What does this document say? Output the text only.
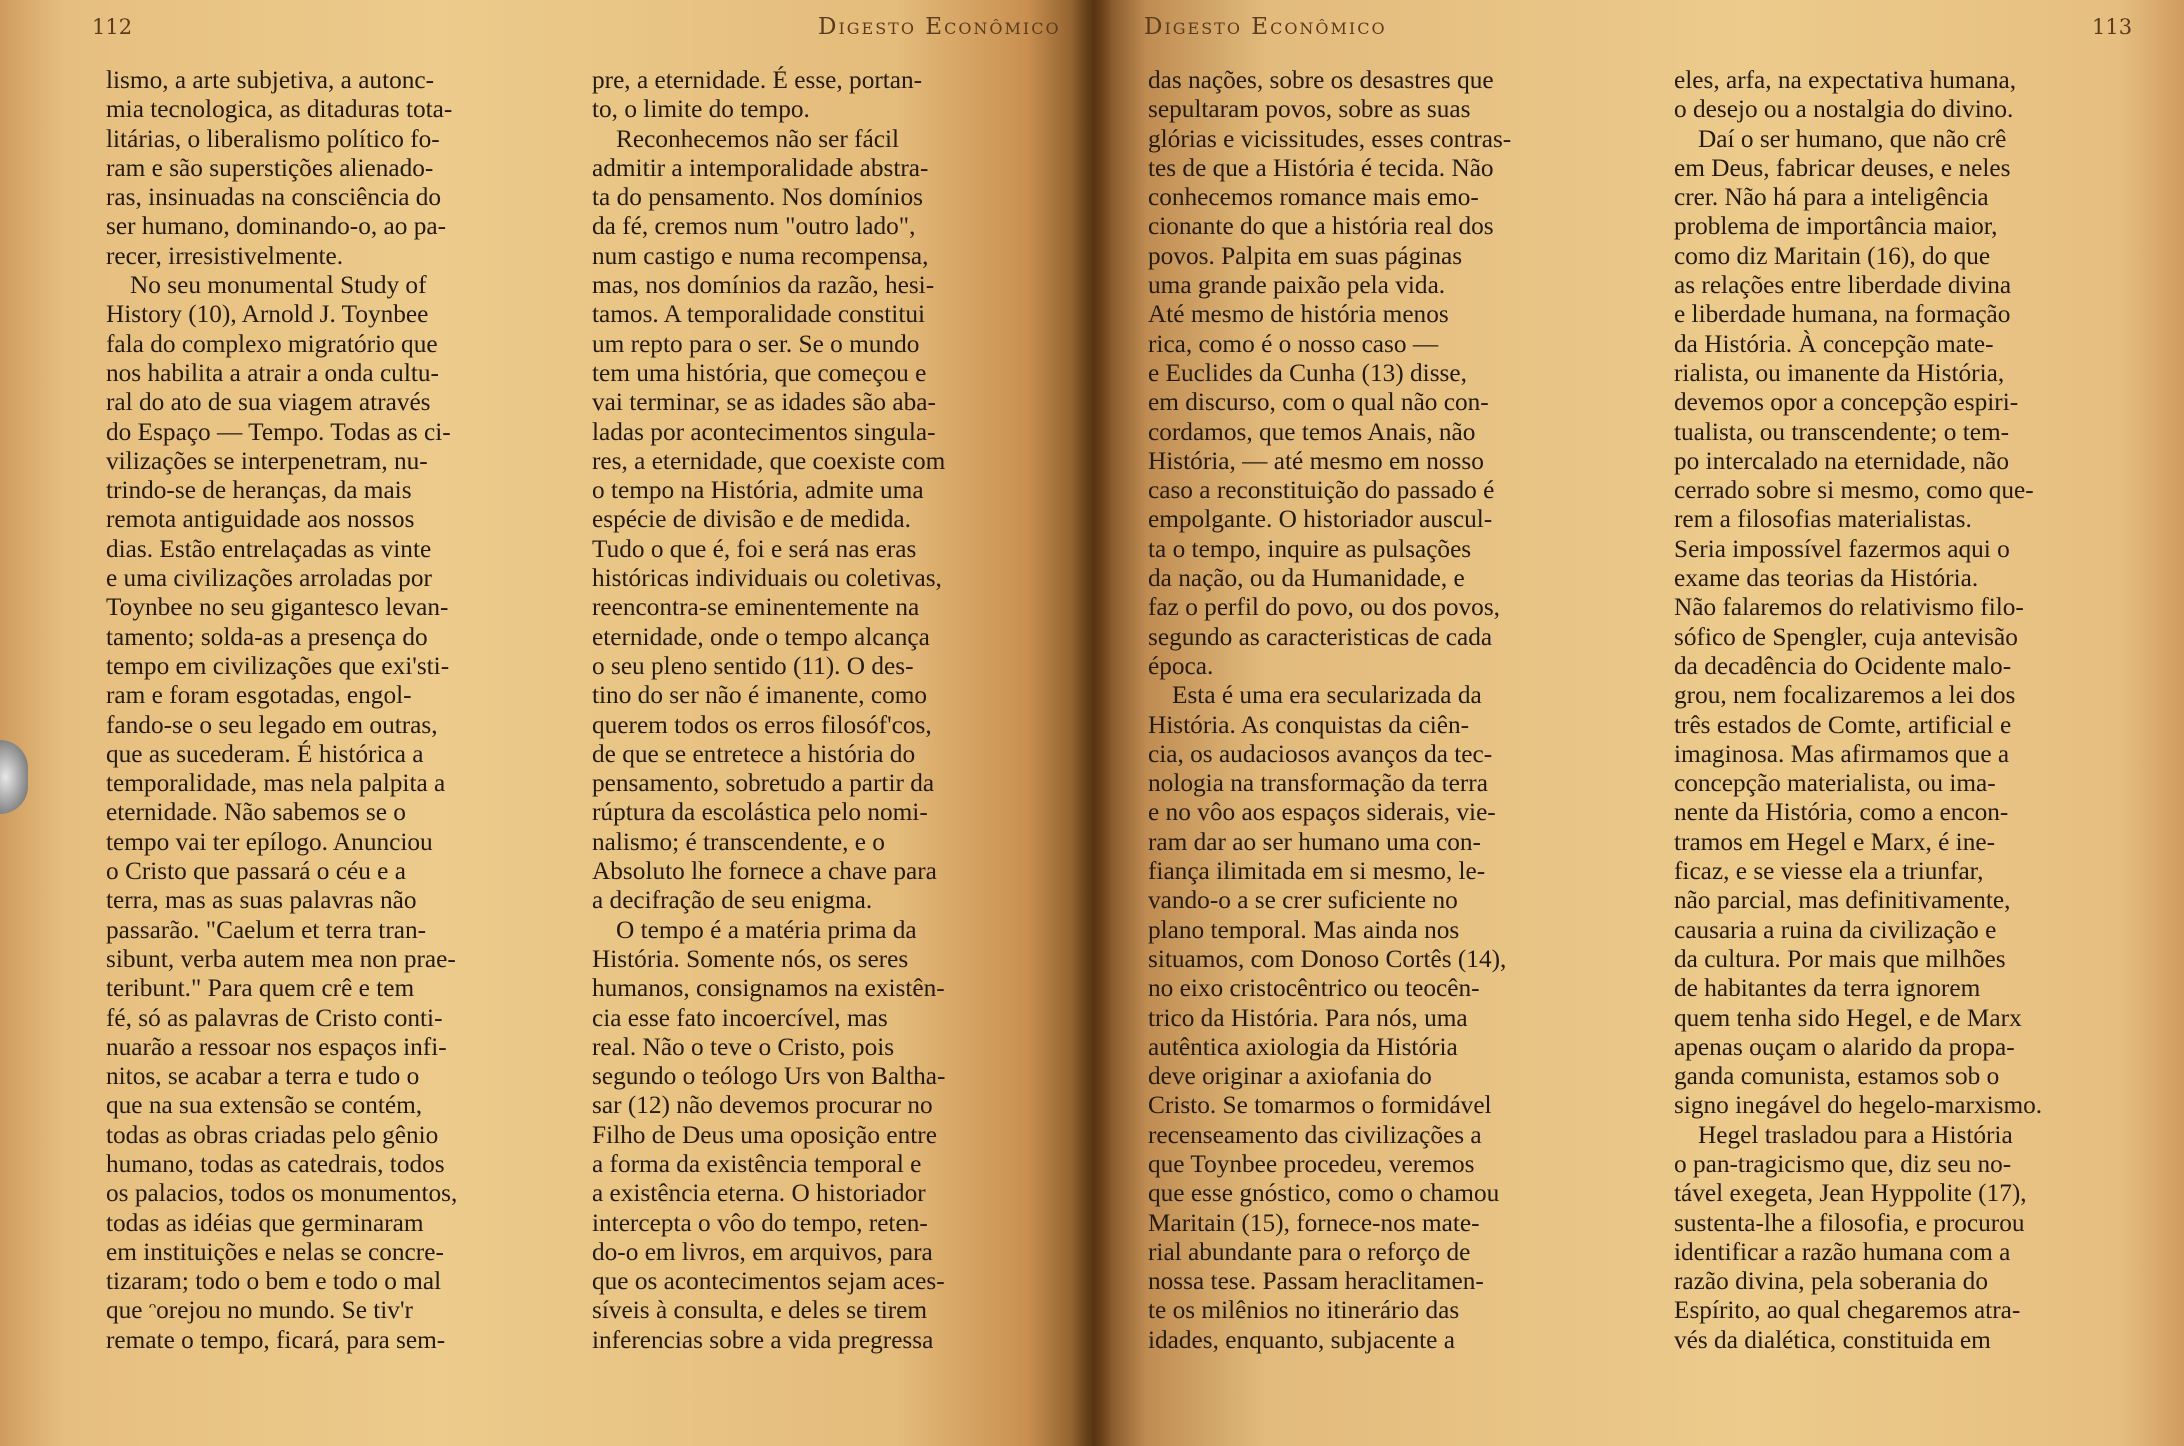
112	Digesto Econômico
lismo, a arte subjetiva, a autonc-
mia tecnologica, as ditaduras tota-
litárias, o liberalismo político fo-
ram e são superstições alienado-
ras, insinuadas na consciência do
ser humano, dominando-o, ao pa-
recer, irresistivelmente.
No seu monumental Study of
History (10), Arnold J. Toynbee
fala do complexo migratório que
nos habilita a atrair a onda cultu-
ral do ato de sua viagem através
do Espaço — Tempo. Todas as ci-
vilizações se interpenetram, nu-
trindo-se de heranças, da mais
remota antiguidade aos nossos
dias. Estão entrelaçadas as vinte
e uma civilizações arroladas por
Toynbee no seu gigantesco levan-
tamento; solda-as a presença do
tempo em civilizações que exi'sti-
ram e foram esgotadas, engol-
fando-se o seu legado em outras,
que as sucederam. É histórica a
temporalidade, mas nela palpita a
eternidade. Não sabemos se o
tempo vai ter epílogo. Anunciou
o Cristo que passará o céu e a
terra, mas as suas palavras não
passarão. "Caelum et terra tran-
sibunt, verba autem mea non prae-
teribunt." Para quem crê e tem
fé, só as palavras de Cristo conti-
nuarão a ressoar nos espaços infi-
nitos, se acabar a terra e tudo o
que na sua extensão se contém,
todas as obras criadas pelo gênio
humano, todas as catedrais, todos
os palacios, todos os monumentos,
todas as idéias que germinaram
em instituições e nelas se concre-
tizaram; todo o bem e todo o mal
que ᵔorejou no mundo. Se tiv'r
remate o tempo, ficará, para sem-
pre, a eternidade. É esse, portan-
to, o limite do tempo.
Reconhecemos não ser fácil
admitir a intemporalidade abstra-
ta do pensamento. Nos domínios
da fé, cremos num "outro lado",
num castigo e numa recompensa,
mas, nos domínios da razão, hesi-
tamos. A temporalidade constitui
um repto para o ser. Se o mundo
tem uma história, que começou e
vai terminar, se as idades são aba-
ladas por acontecimentos singula-
res, a eternidade, que coexiste com
o tempo na História, admite uma
espécie de divisão e de medida.
Tudo o que é, foi e será nas eras
históricas individuais ou coletivas,
reencontra-se eminentemente na
eternidade, onde o tempo alcança
o seu pleno sentido (11). O des-
tino do ser não é imanente, como
querem todos os erros filosóf'cos,
de que se entretece a história do
pensamento, sobretudo a partir da
rúptura da escolástica pelo nomi-
nalismo; é transcendente, e o
Absoluto lhe fornece a chave para
a decifração de seu enigma.
O tempo é a matéria prima da
História. Somente nós, os seres
humanos, consignamos na existên-
cia esse fato incoercível, mas
real. Não o teve o Cristo, pois
segundo o teólogo Urs von Baltha-
sar (12) não devemos procurar no
Filho de Deus uma oposição entre
a forma da existência temporal e
a existência eterna. O historiador
intercepta o vôo do tempo, reten-
do-o em livros, em arquivos, para
que os acontecimentos sejam aces-
síveis à consulta, e deles se tirem
inferencias sobre a vida pregressa
Digesto Econômico	113
das nações, sobre os desastres que
sepultaram povos, sobre as suas
glórias e vicissitudes, esses contras-
tes de que a História é tecida. Não
conhecemos romance mais emo-
cionante do que a história real dos
povos. Palpita em suas páginas
uma grande paixão pela vida.
Até mesmo de história menos
rica, como é o nosso caso —
e Euclides da Cunha (13) disse,
em discurso, com o qual não con-
cordamos, que temos Anais, não
História, — até mesmo em nosso
caso a reconstituição do passado é
empolgante. O historiador auscul-
ta o tempo, inquire as pulsações
da nação, ou da Humanidade, e
faz o perfil do povo, ou dos povos,
segundo as caracteristicas de cada
época.
Esta é uma era secularizada da
História. As conquistas da ciên-
cia, os audaciosos avanços da tec-
nologia na transformação da terra
e no vôo aos espaços siderais, vie-
ram dar ao ser humano uma con-
fiança ilimitada em si mesmo, le-
vando-o a se crer suficiente no
plano temporal. Mas ainda nos
situamos, com Donoso Cortês (14),
no eixo cristocêntrico ou teocên-
trico da História. Para nós, uma
autêntica axiologia da História
deve originar a axiofania do
Cristo. Se tomarmos o formidável
recenseamento das civilizações a
que Toynbee procedeu, veremos
que esse gnóstico, como o chamou
Maritain (15), fornece-nos mate-
rial abundante para o reforço de
nossa tese. Passam heraclitamen-
te os milênios no itinerário das
idades, enquanto, subjacente a
eles, arfa, na expectativa humana,
o desejo ou a nostalgia do divino.
Daí o ser humano, que não crê
em Deus, fabricar deuses, e neles
crer. Não há para a inteligência
problema de importância maior,
como diz Maritain (16), do que
as relações entre liberdade divina
e liberdade humana, na formação
da História. À concepção mate-
rialista, ou imanente da História,
devemos opor a concepção espiri-
tualista, ou transcendente; o tem-
po intercalado na eternidade, não
cerrado sobre si mesmo, como que-
rem a filosofias materialistas.
Seria impossível fazermos aqui o
exame das teorias da História.
Não falaremos do relativismo filo-
sófico de Spengler, cuja antevisão
da decadência do Ocidente malo-
grou, nem focalizaremos a lei dos
três estados de Comte, artificial e
imaginosa. Mas afirmamos que a
concepção materialista, ou ima-
nente da História, como a encon-
tramos em Hegel e Marx, é ine-
ficaz, e se viesse ela a triunfar,
não parcial, mas definitivamente,
causaria a ruina da civilização e
da cultura. Por mais que milhões
de habitantes da terra ignorem
quem tenha sido Hegel, e de Marx
apenas ouçam o alarido da propa-
ganda comunista, estamos sob o
signo inegável do hegelo-marxismo.
Hegel trasladou para a História
o pan-tragicismo que, diz seu no-
tável exegeta, Jean Hyppolite (17),
sustenta-lhe a filosofia, e procurou
identificar a razão humana com a
razão divina, pela soberania do
Espírito, ao qual chegaremos atra-
vés da dialética, constituida em
